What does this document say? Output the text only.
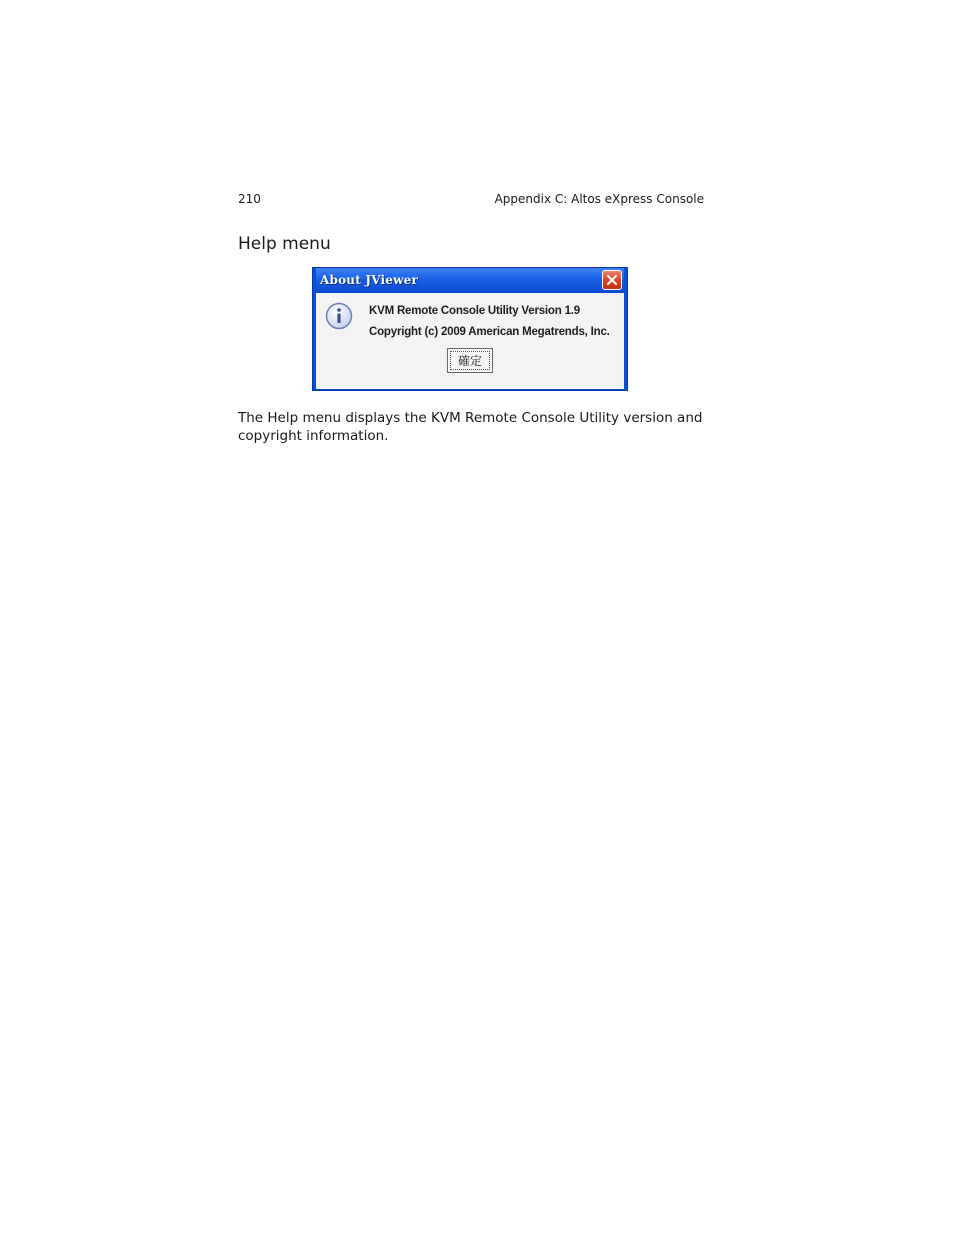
210	Appendix C: Altos eXpress Console
Help menu
About JViewer
KVM Remote Console Utility Version 1.9
Copyright (c) 2009 American Megatrends, Inc.
確定

The Help menu displays the KVM Remote Console Utility version and copyright information.
